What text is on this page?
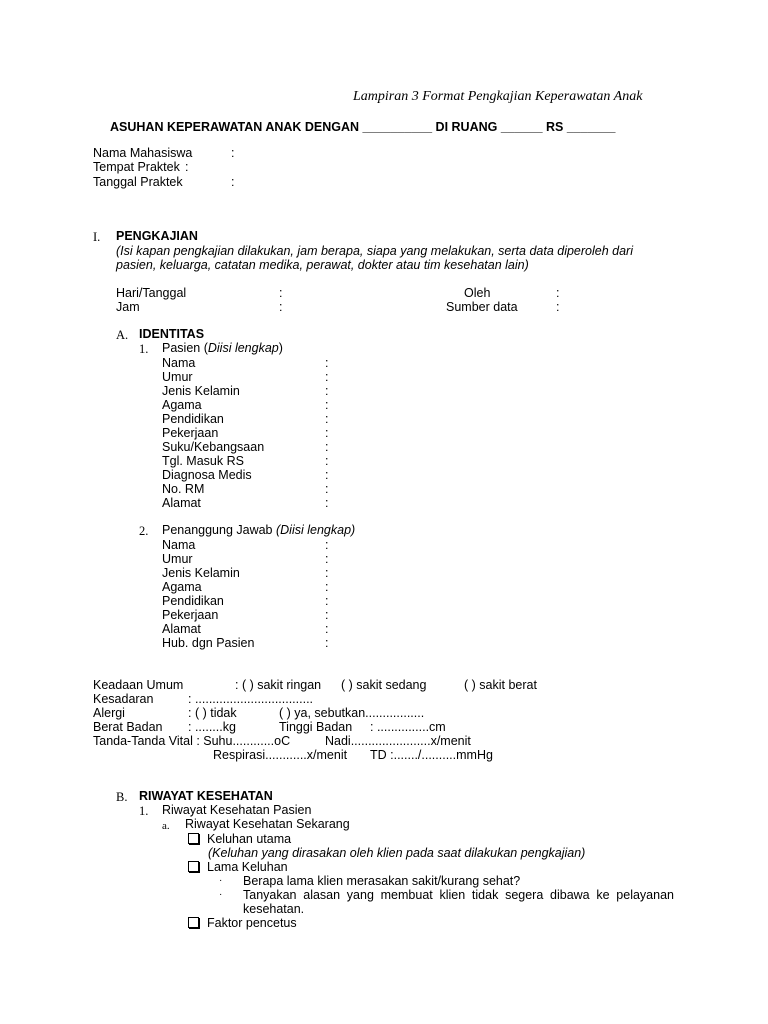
Lampiran 3 Format Pengkajian Keperawatan Anak
ASUHAN KEPERAWATAN ANAK DENGAN __________ DI RUANG ______ RS _______
Nama Mahasiswa	:
Tempat Praktek :
Tanggal Praktek	:
I. PENGKAJIAN
(Isi kapan pengkajian dilakukan, jam berapa, siapa yang melakukan, serta data diperoleh dari
pasien, keluarga, catatan medika, perawat, dokter atau tim kesehatan lain)
Hari/Tanggal	:	Oleh	:
Jam	:	Sumber data	:
A. IDENTITAS
1. Pasien (Diisi lengkap)
Nama	:
Umur	:
Jenis Kelamin	:
Agama	:
Pendidikan	:
Pekerjaan	:
Suku/Kebangsaan	:
Tgl. Masuk RS	:
Diagnosa Medis	:
No. RM	:
Alamat	:
2. Penanggung Jawab (Diisi lengkap)
Nama	:
Umur	:
Jenis Kelamin	:
Agama	:
Pendidikan	:
Pekerjaan	:
Alamat	:
Hub. dgn Pasien	:
Keadaan Umum	: ( ) sakit ringan ( ) sakit sedang	( ) sakit berat
Kesadaran	: ..................................
Alergi	: ( ) tidak	( ) ya, sebutkan.................
Berat Badan : ........kg	Tinggi Badan : ...............cm
Tanda-Tanda Vital : Suhu............oC	Nadi.......................x/menit
Respirasi............x/menit TD :......./..........mmHg
B. RIWAYAT KESEHATAN
1. Riwayat Kesehatan Pasien
a. Riwayat Kesehatan Sekarang
Keluhan utama
(Keluhan yang dirasakan oleh klien pada saat dilakukan pengkajian)
Lama Keluhan
· Berapa lama klien merasakan sakit/kurang sehat?
· Tanyakan alasan yang membuat klien tidak segera dibawa ke pelayanan
kesehatan.
Faktor pencetus
